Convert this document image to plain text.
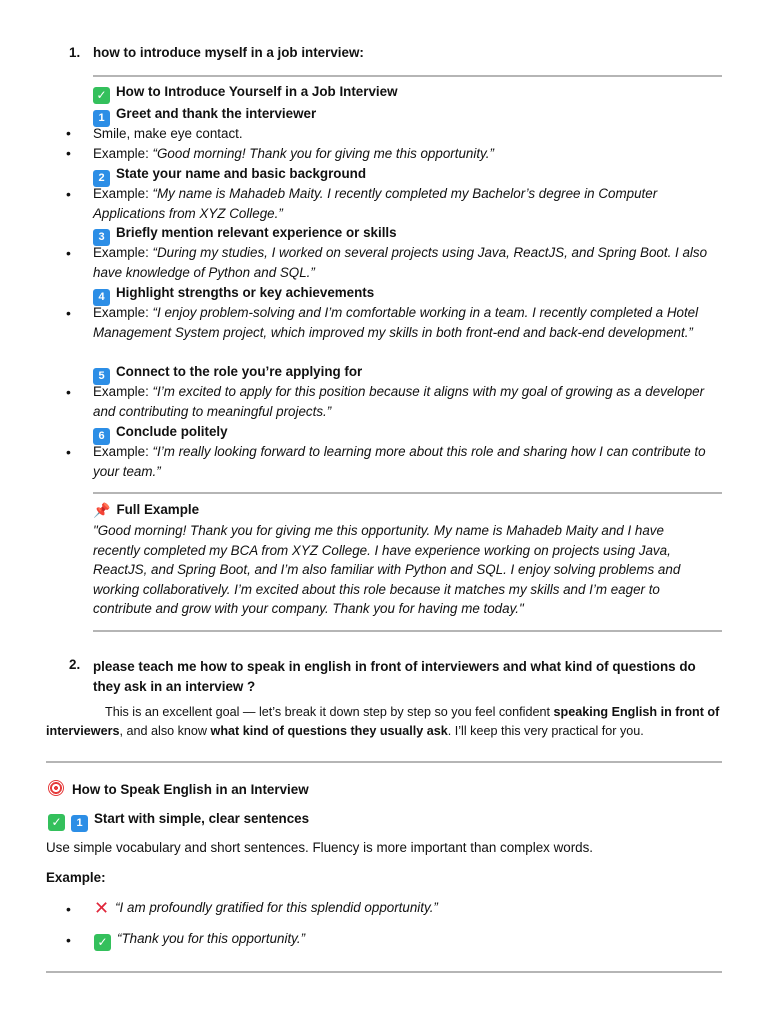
1. how to introduce myself in a job interview:
✓ How to Introduce Yourself in a Job Interview
1 Greet and thank the interviewer
• Smile, make eye contact.
• Example: “Good morning! Thank you for giving me this opportunity.”
2 State your name and basic background
• Example: “My name is Mahadeb Maity. I recently completed my Bachelor’s degree in Computer Applications from XYZ College.”
3 Briefly mention relevant experience or skills
• Example: “During my studies, I worked on several projects using Java, ReactJS, and Spring Boot. I also have knowledge of Python and SQL.”
4 Highlight strengths or key achievements
• Example: “I enjoy problem-solving and I’m comfortable working in a team. I recently completed a Hotel Management System project, which improved my skills in both front-end and back-end development.”
5 Connect to the role you’re applying for
• Example: “I’m excited to apply for this position because it aligns with my goal of growing as a developer and contributing to meaningful projects.”
6 Conclude politely
• Example: “I’m really looking forward to learning more about this role and sharing how I can contribute to your team.”
📌 Full Example
"Good morning! Thank you for giving me this opportunity. My name is Mahadeb Maity and I have recently completed my BCA from XYZ College. I have experience working on projects using Java, ReactJS, and Spring Boot, and I’m also familiar with Python and SQL. I enjoy solving problems and working collaboratively. I’m excited about this role because it matches my skills and I’m eager to contribute and grow with your company. Thank you for having me today."
2. please teach me how to speak in english in front of interviewers and what kind of questions do they ask in an interview ?
This is an excellent goal — let’s break it down step by step so you feel confident speaking English in front of interviewers, and also know what kind of questions they usually ask. I’ll keep this very practical for you.
How to Speak English in an Interview
✓ 1 Start with simple, clear sentences
Use simple vocabulary and short sentences. Fluency is more important than complex words.
Example:
• ✕ “I am profoundly gratified for this splendid opportunity.”
• ✓ “Thank you for this opportunity.”
